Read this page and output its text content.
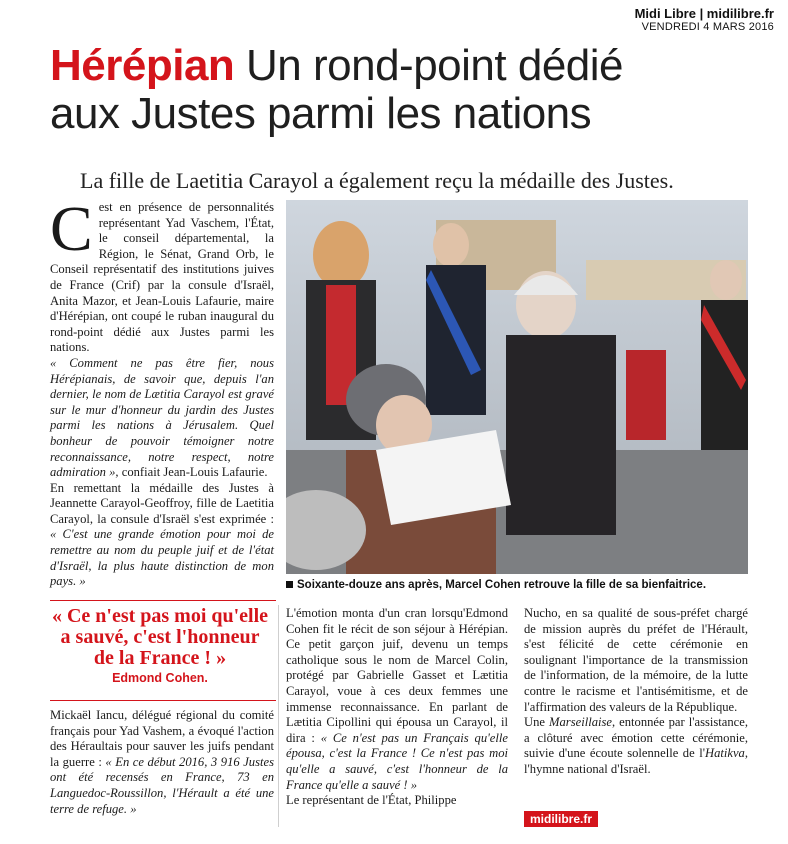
Midi Libre | midilibre.fr
VENDREDI 4 MARS 2016
Hérépian Un rond-point dédié
aux Justes parmi les nations
La fille de Laetitia Carayol a également reçu la médaille des Justes.

Cest en présence de personnalités représentant Yad Vaschem, l'État, le conseil départemental, la Région, le Sénat, Grand Orb, le Conseil représentatif des institutions juives de France (Crif) par la consule d'Israël, Anita Mazor, et Jean-Louis Lafaurie, maire d'Hérépian, ont coupé le ruban inaugural du rond-point dédié aux Justes parmi les nations.

« Comment ne pas être fier, nous Hérépianais, de savoir que, depuis l'an dernier, le nom de Lætitia Carayol est gravé sur le mur d'honneur du jardin des Justes parmi les nations à Jérusalem. Quel bonheur de pouvoir témoigner notre reconnaissance, notre respect, notre admiration », confiait Jean-Louis Lafaurie.

En remettant la médaille des Justes à Jeannette Carayol-Geoffroy, fille de Laetitia Carayol, la consule d'Israël s'est exprimée : « C'est une grande émotion pour moi de remettre au nom du peuple juif et de l'état d'Israël, la plus haute distinction de mon pays. »

« Ce n'est pas moi qu'elle a sauvé, c'est l'honneur de la France ! »
Edmond Cohen.

Mickaël Iancu, délégué régional du comité français pour Yad Vashem, a évoqué l'action des Héraultais pour sauver les juifs pendant la guerre : « En ce début 2016, 3 916 Justes ont été recensés en France, 73 en Languedoc-Roussillon, l'Hérault a été une terre de refuge. »

Soixante-douze ans après, Marcel Cohen retrouve la fille de sa bienfaitrice.

L'émotion monta d'un cran lorsqu'Edmond Cohen fit le récit de son séjour à Hérépian. Ce petit garçon juif, devenu un temps catholique sous le nom de Marcel Colin, protégé par Gabrielle Gasset et Lætitia Carayol, voue à ces deux femmes une immense reconnaissance. En parlant de Lætitia Cipollini qui épousa un Carayol, il dira : « Ce n'est pas un Français qu'elle épousa, c'est la France ! Ce n'est pas moi qu'elle a sauvé, c'est l'honneur de la France qu'elle a sauvé ! »

Le représentant de l'État, Philippe

Nucho, en sa qualité de sous-préfet chargé de mission auprès du préfet de l'Hérault, s'est félicité de cette cérémonie en soulignant l'importance de la transmission de l'information, de la mémoire, de la lutte contre le racisme et l'antisémitisme, et de l'affirmation des valeurs de la République.

Une Marseillaise, entonnée par l'assistance, a clôturé avec émotion cette cérémonie, suivie d'une écoute solennelle de l'Hatikva, l'hymne national d'Israël.

midilibre.fr
